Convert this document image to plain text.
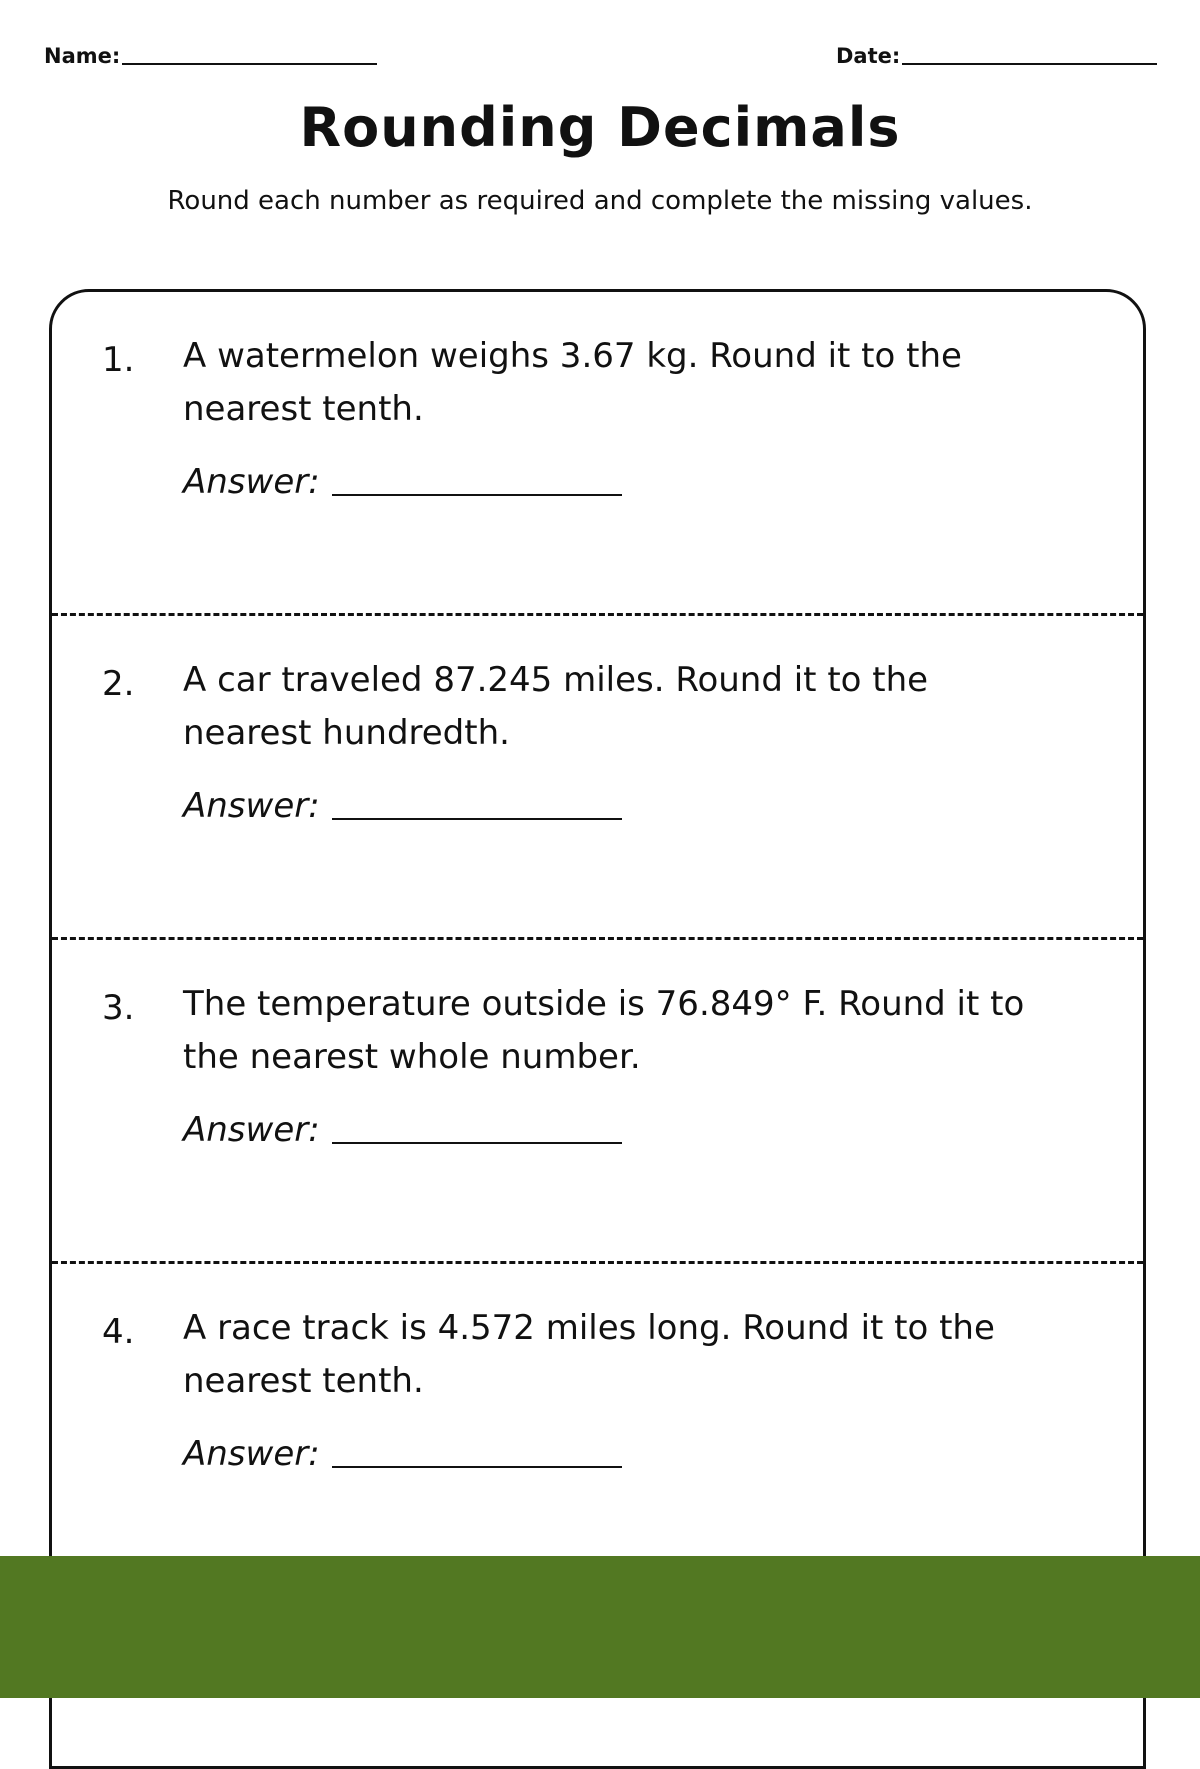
Name:	Date:
Rounding Decimals
Round each number as required and complete the missing values.
1. A watermelon weighs 3.67 kg. Round it to the nearest tenth.
Answer:
2. A car traveled 87.245 miles. Round it to the nearest hundredth.
Answer:
3. The temperature outside is 76.849° F. Round it to the nearest whole number.
Answer:
4. A race track is 4.572 miles long. Round it to the nearest tenth.
Answer:
